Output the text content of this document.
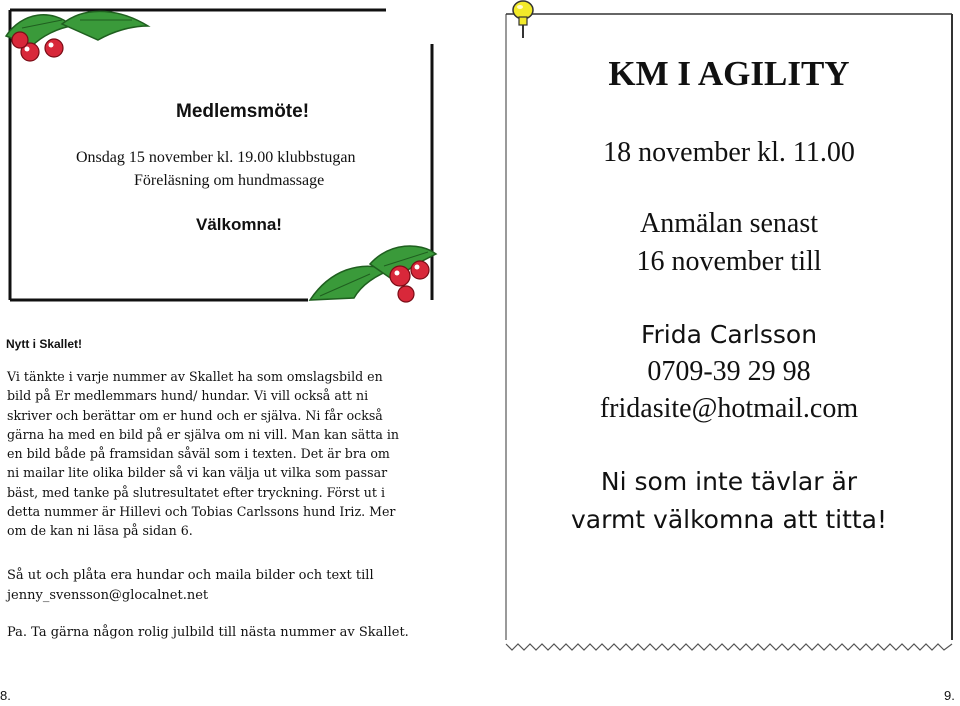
Medlemsmöte!
Onsdag 15 november kl. 19.00 klubbstugan
Föreläsning om hundmassage
Välkomna!
Nytt i Skallet!
Vi tänkte i varje nummer av Skallet ha som omslagsbild en
bild på Er medlemmars hund/ hundar. Vi vill också att ni
skriver och berättar om er hund och er själva. Ni får också
gärna ha med en bild på er själva om ni vill. Man kan sätta in
en bild både på framsidan såväl som i texten. Det är bra om
ni mailar lite olika bilder så vi kan välja ut vilka som passar
bäst, med tanke på slutresultatet efter tryckning. Först ut i
detta nummer är Hillevi och Tobias Carlssons hund Iriz. Mer
om de kan ni läsa på sidan 6.
Så ut och plåta era hundar och maila bilder och text till
jenny_svensson@glocalnet.net
Pa. Ta gärna någon rolig julbild till nästa nummer av Skallet.
8.
KM I AGILITY
18 november kl. 11.00
Anmälan senast
16 november till
Frida Carlsson
0709-39 29 98
fridasite@hotmail.com
Ni som inte tävlar är
varmt välkomna att titta!
9.
